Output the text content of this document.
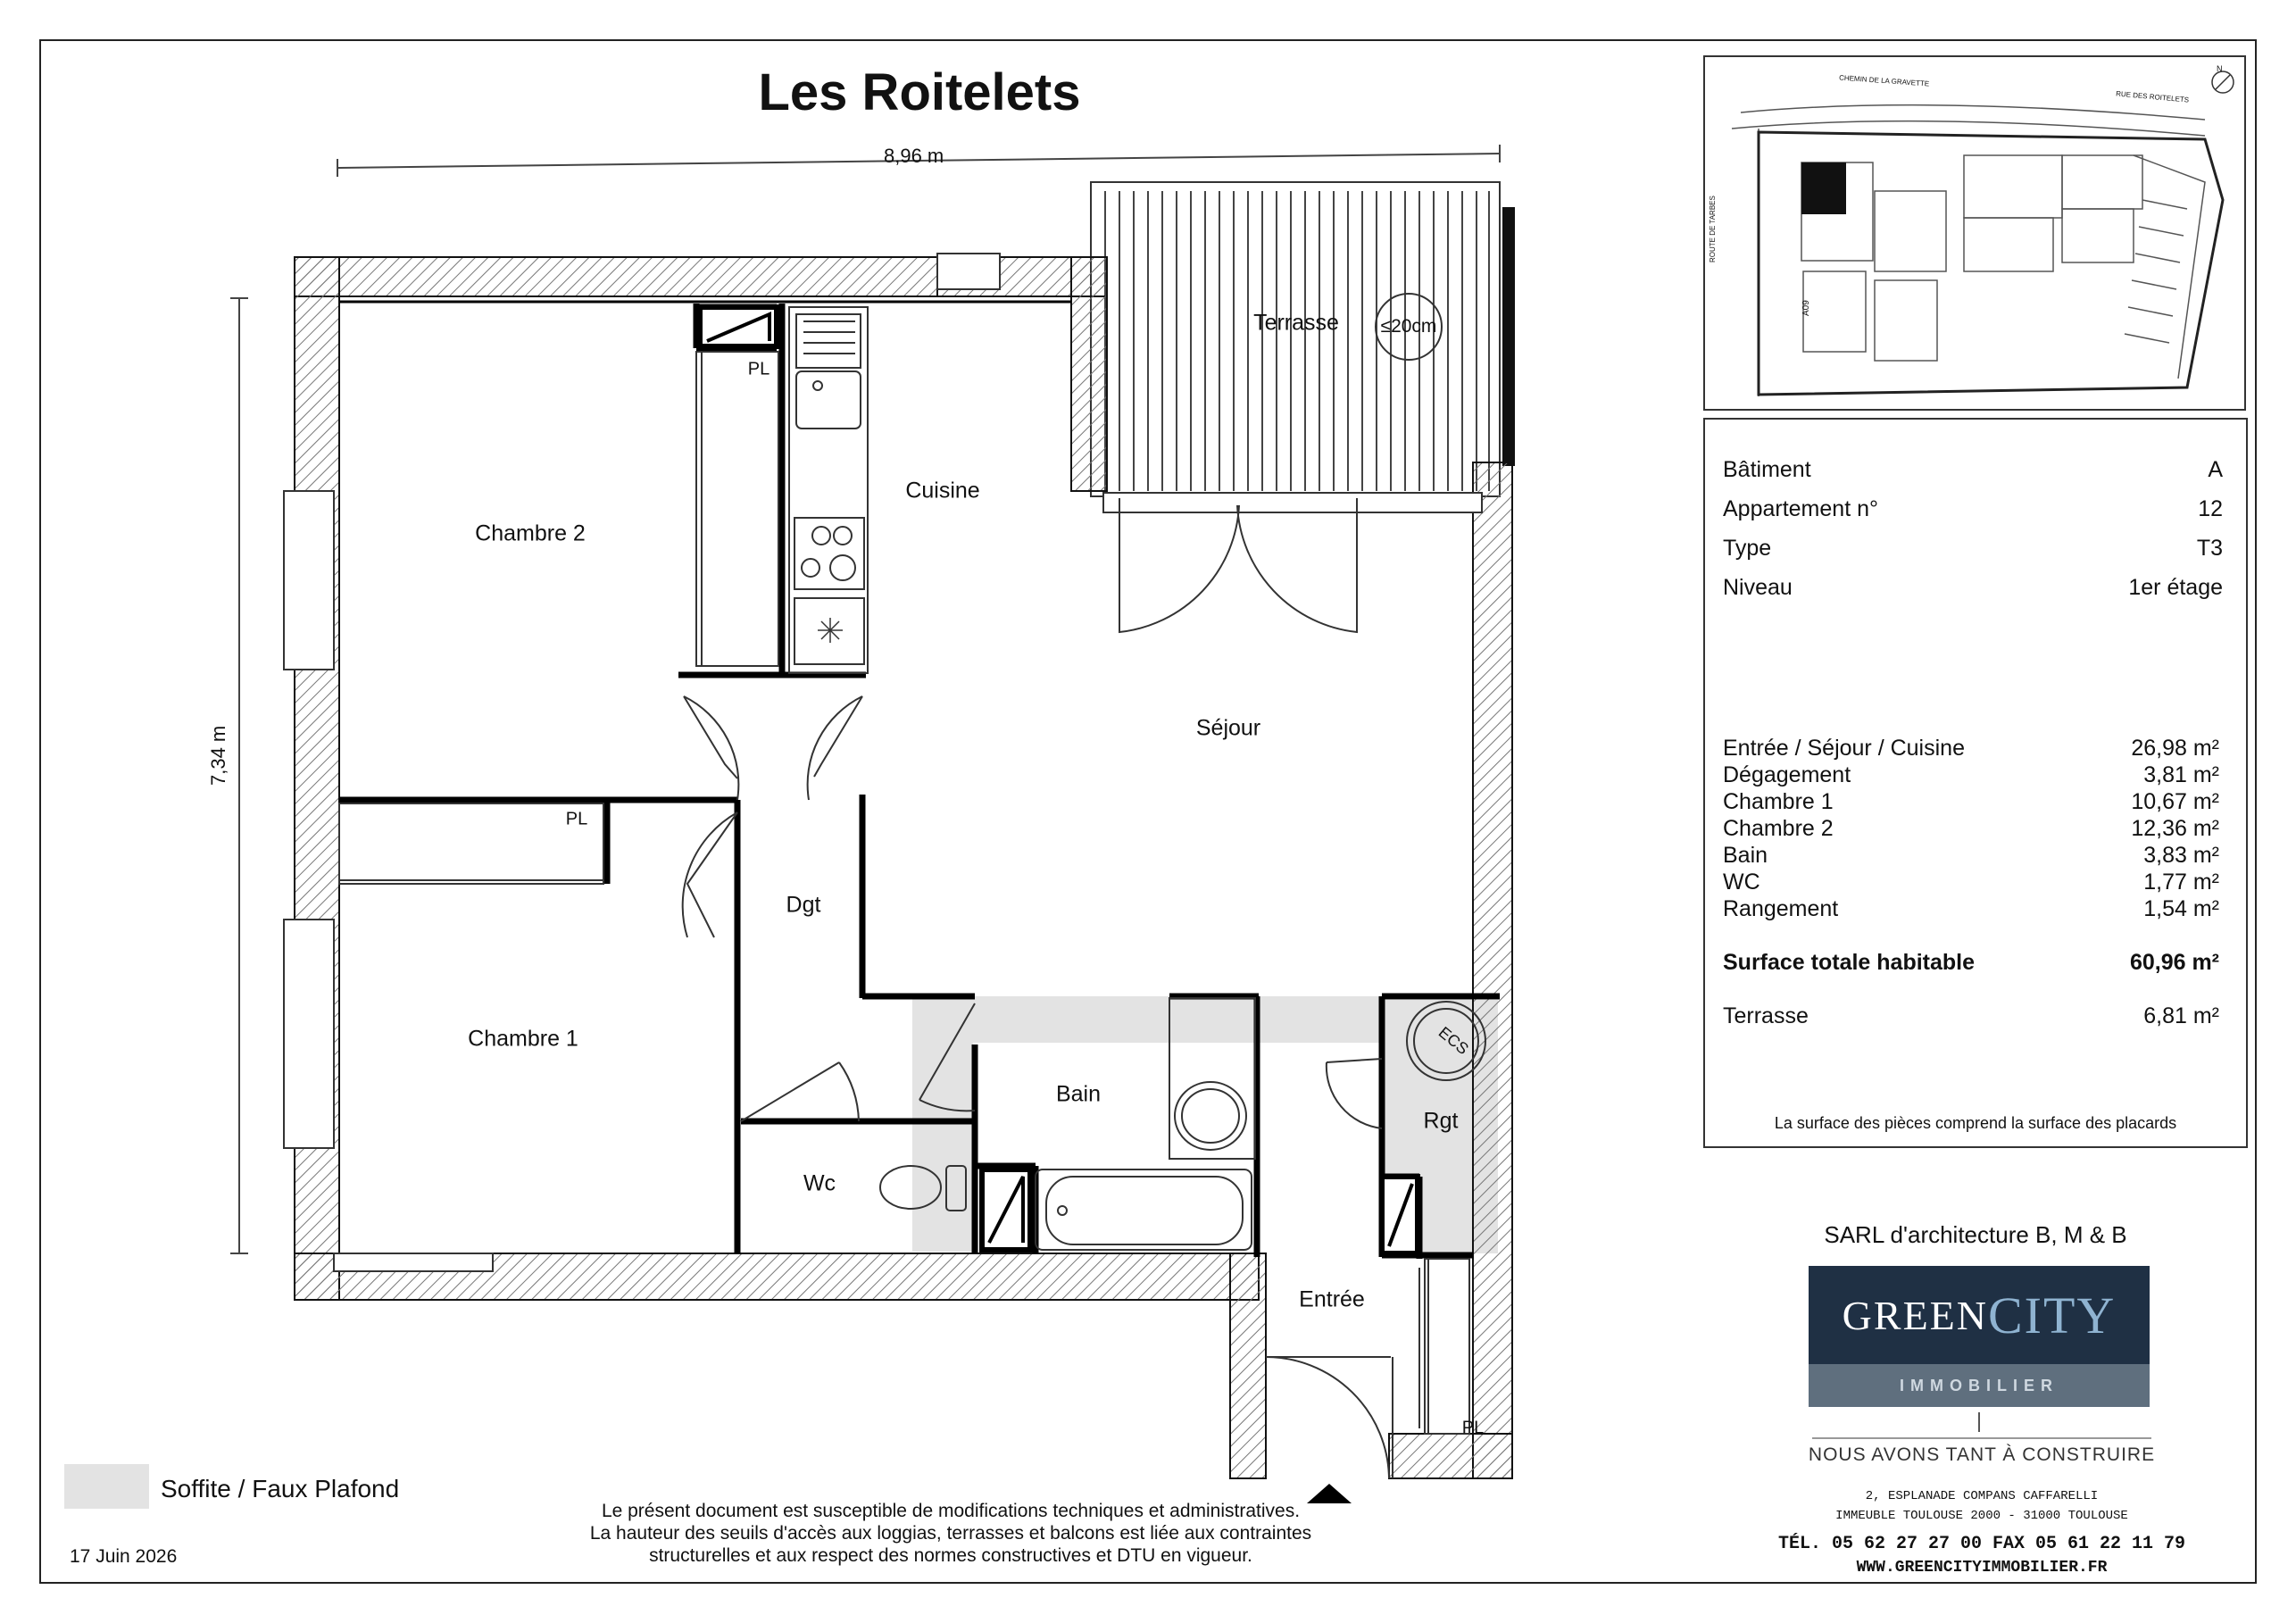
Les Roitelets
8,96 m
7,34 m
Terrasse ≤20cm
Cuisine
Chambre 2
Chambre 1
Séjour
Dgt
Bain
Wc
Rgt
ECS
Entrée
PL
PL
PL
CHEMIN DE LA GRAVETTE
RUE DES ROITELETS
ROUTE DE TARBES
A09
N
Bâtiment	A
Appartement n°	12
Type	T3
Niveau	1er étage
Entrée / Séjour / Cuisine	26,98 m²
Dégagement	3,81 m²
Chambre 1	10,67 m²
Chambre 2	12,36 m²
Bain	3,83 m²
WC	1,77 m²
Rangement	1,54 m²
Surface totale habitable	60,96 m²
Terrasse	6,81 m²
La surface des pièces comprend la surface des placards
SARL d'architecture B, M & B
GREEN CITY
IMMOBILIER
NOUS AVONS TANT À CONSTRUIRE
2, ESPLANADE COMPANS CAFFARELLI
IMMEUBLE TOULOUSE 2000 - 31000 TOULOUSE
TÉL. 05 62 27 27 00 FAX 05 61 22 11 79
WWW.GREENCITYIMMOBILIER.FR
Soffite / Faux Plafond
17 Juin 2026
Le présent document est susceptible de modifications techniques et administratives.
La hauteur des seuils d'accès aux loggias, terrasses et balcons est liée aux contraintes
structurelles et aux respect des normes constructives et DTU en vigueur.
